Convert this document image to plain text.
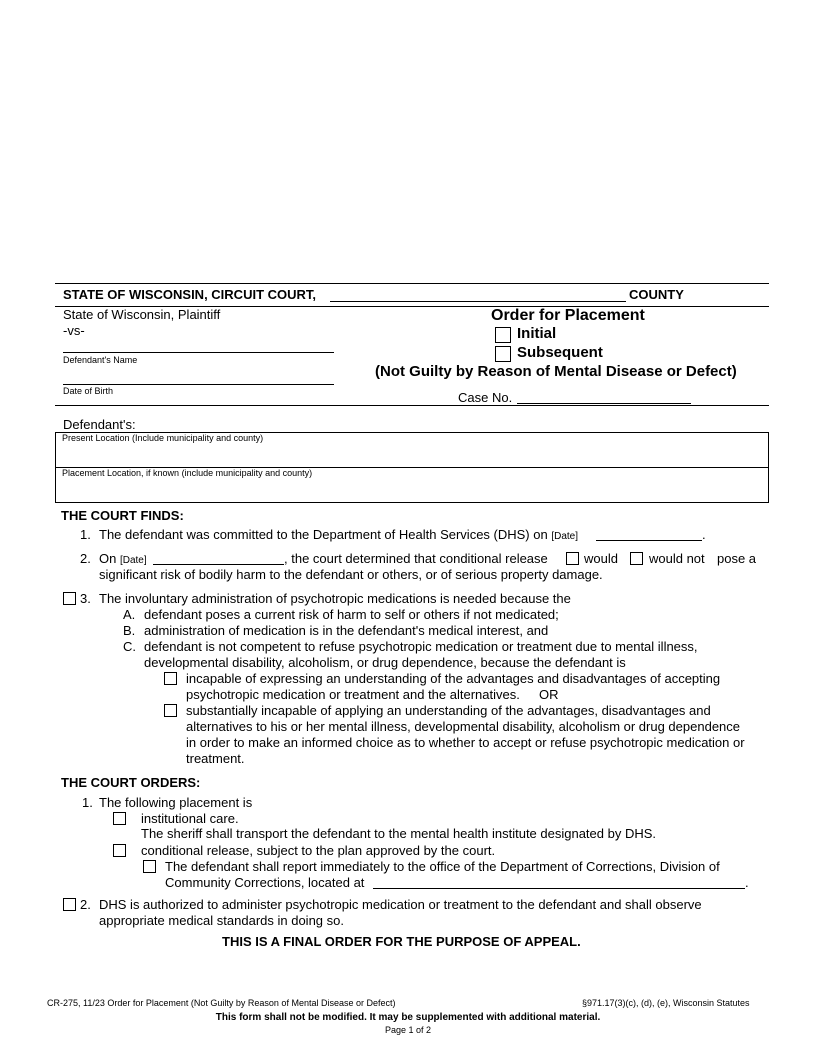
STATE OF WISCONSIN, CIRCUIT COURT,	COUNTY
State of Wisconsin, Plaintiff
-vs-
Defendant's Name
Date of Birth
Order for Placement
Initial
Subsequent
(Not Guilty by Reason of Mental Disease or Defect)
Case No.
Defendant's:
Present Location (Include municipality and county)
Placement Location, if known (include municipality and county)
THE COURT FINDS:
1. The defendant was committed to the Department of Health Services (DHS) on [Date]	.
2. On [Date]	, the court determined that conditional release	would would not pose a
significant risk of bodily harm to the defendant or others, or of serious property damage.
3. The involuntary administration of psychotropic medications is needed because the
A. defendant poses a current risk of harm to self or others if not medicated;
B. administration of medication is in the defendant's medical interest, and
C. defendant is not competent to refuse psychotropic medication or treatment due to mental illness,
developmental disability, alcoholism, or drug dependence, because the defendant is
incapable of expressing an understanding of the advantages and disadvantages of accepting
psychotropic medication or treatment and the alternatives. OR
substantially incapable of applying an understanding of the advantages, disadvantages and
alternatives to his or her mental illness, developmental disability, alcoholism or drug dependence
in order to make an informed choice as to whether to accept or refuse psychotropic medication or
treatment.
THE COURT ORDERS:
1. The following placement is
institutional care.
The sheriff shall transport the defendant to the mental health institute designated by DHS.
conditional release, subject to the plan approved by the court.
The defendant shall report immediately to the office of the Department of Corrections, Division of
Community Corrections, located at	.
2. DHS is authorized to administer psychotropic medication or treatment to the defendant and shall observe
appropriate medical standards in doing so.
THIS IS A FINAL ORDER FOR THE PURPOSE OF APPEAL.
CR-275, 11/23 Order for Placement (Not Guilty by Reason of Mental Disease or Defect)	§971.17(3)(c), (d), (e), Wisconsin Statutes
This form shall not be modified. It may be supplemented with additional material.
Page 1 of 2
